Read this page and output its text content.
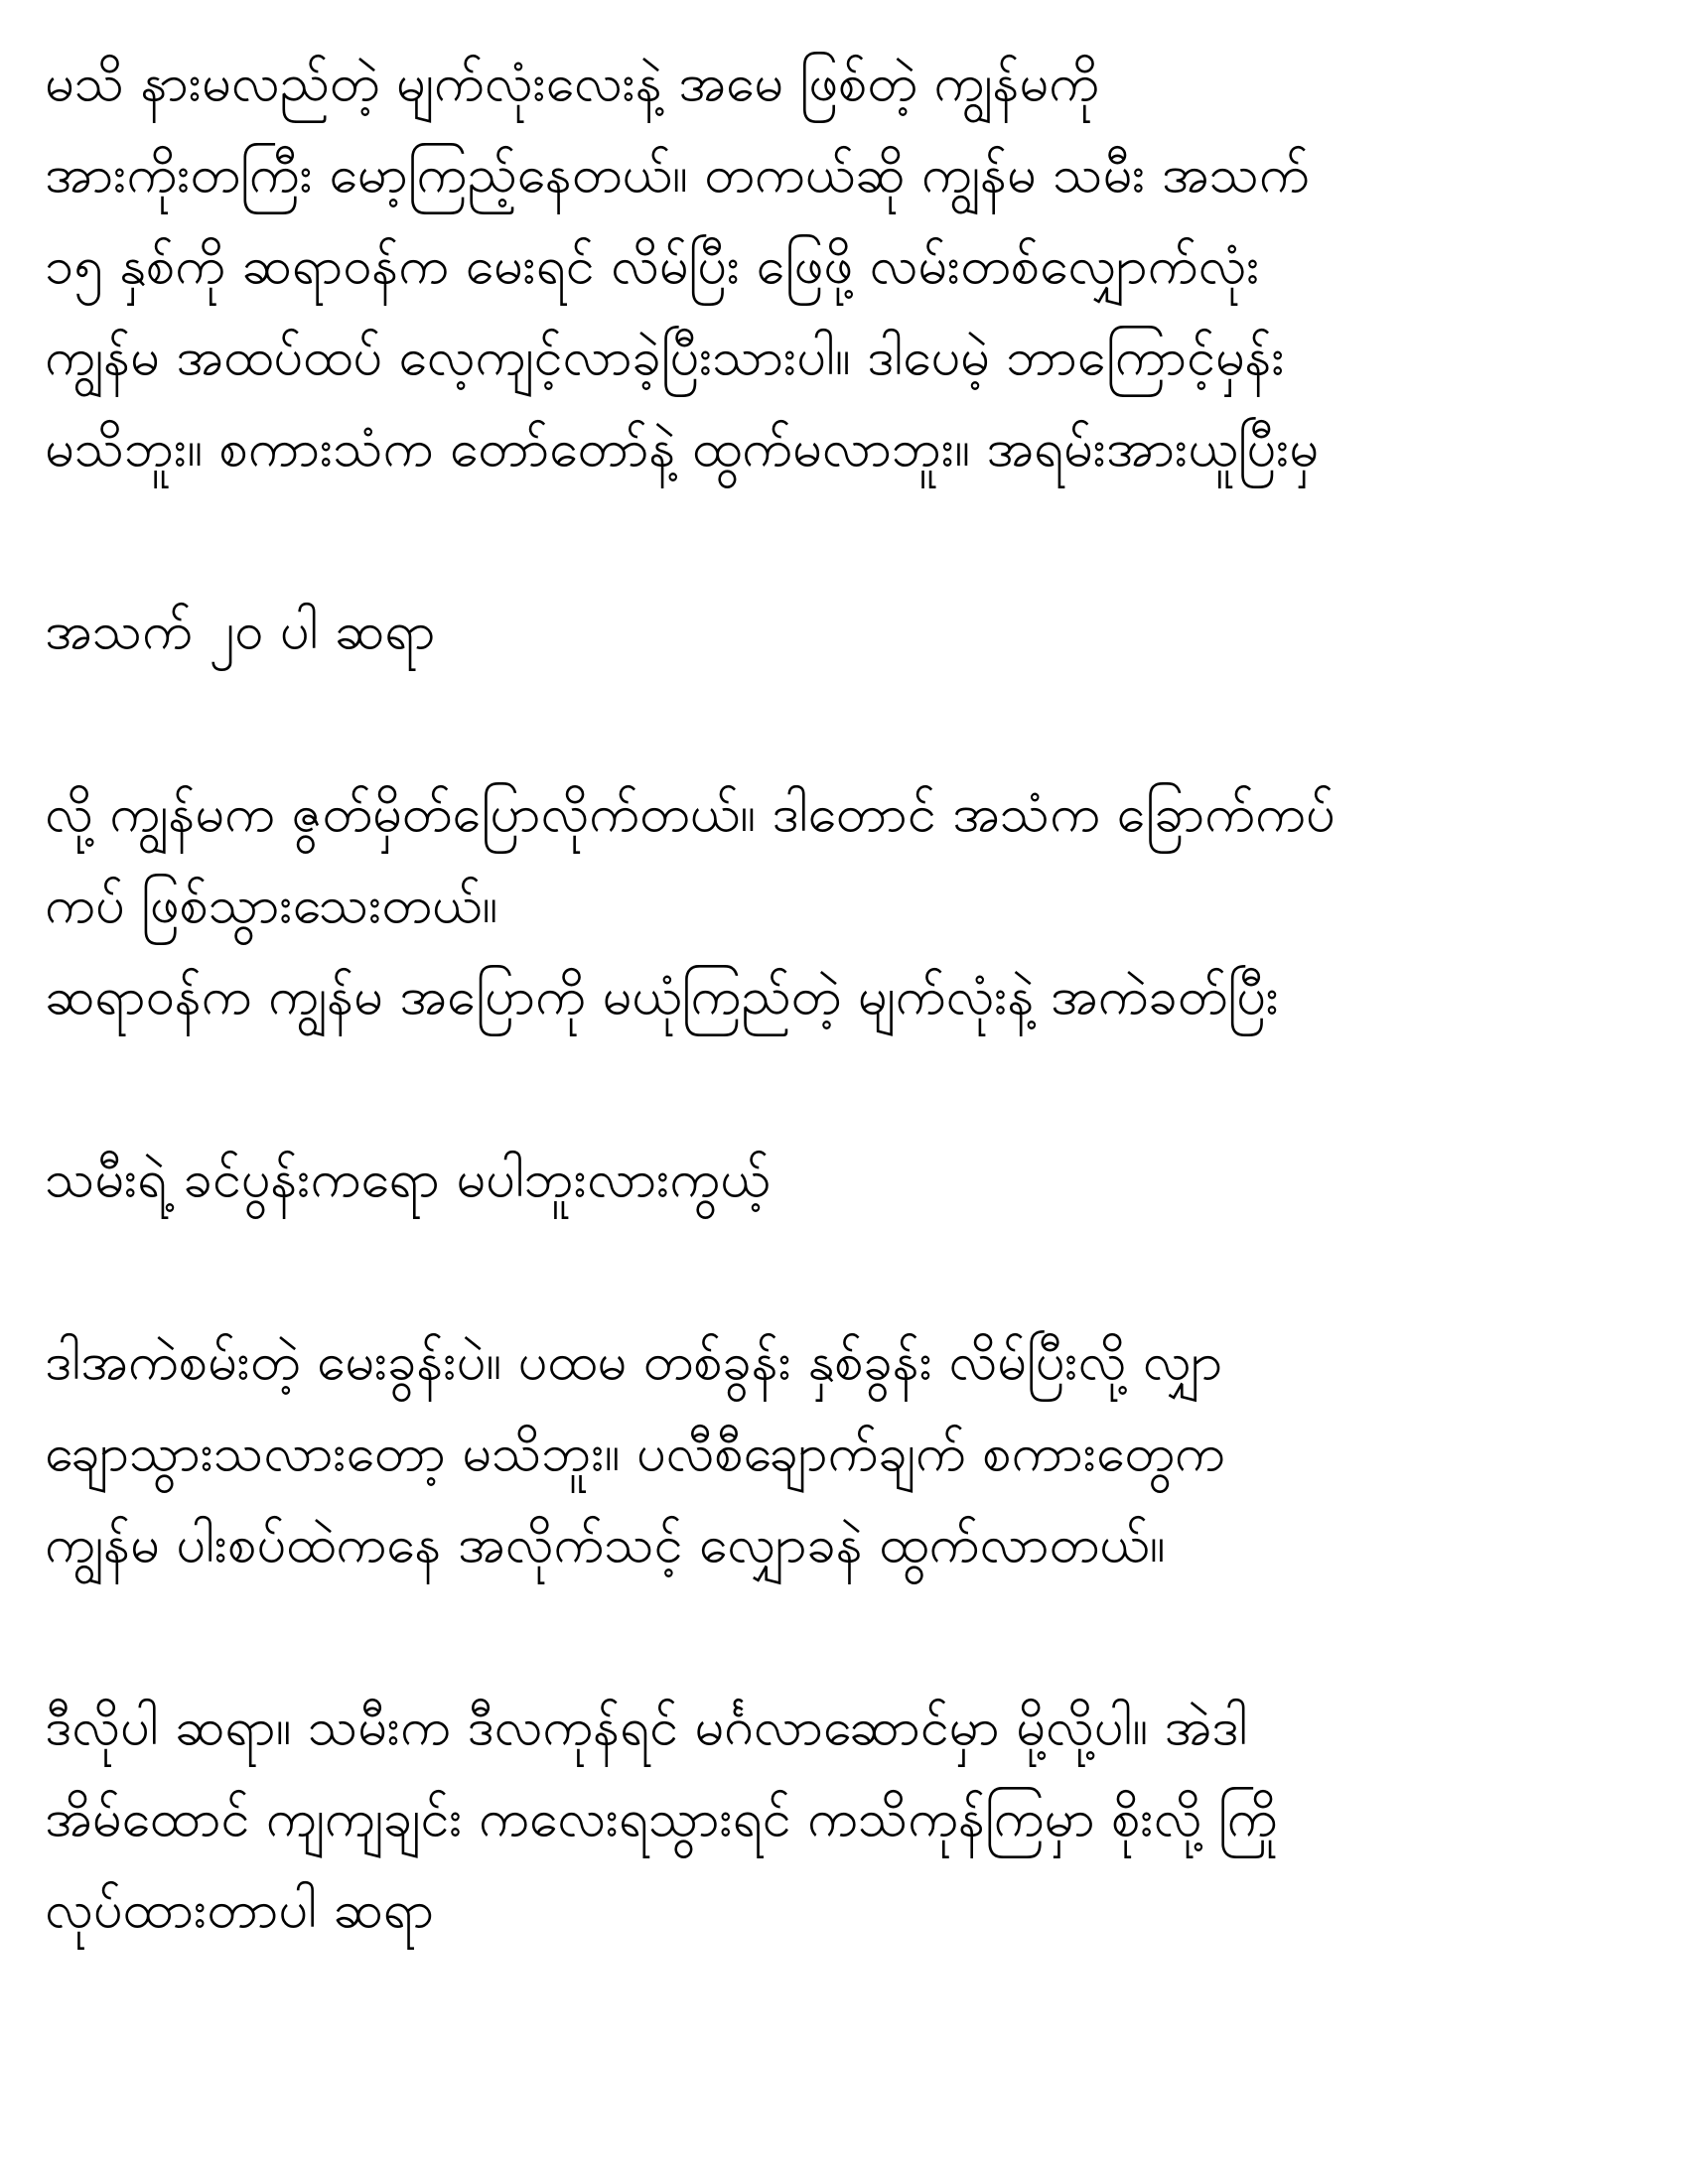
မသိ နားမလည်တဲ့ မျက်လုံးလေးနဲ့ အမေ ဖြစ်တဲ့ ကျွန်မကို
အားကိုးတကြီး မော့ကြည့်နေတယ်။ တကယ်ဆို ကျွန်မ သမီး အသက်
၁၅ နှစ်ကို ဆရာဝန်က မေးရင် လိမ်ပြီး ဖြေဖို့ လမ်းတစ်လျှောက်လုံး
ကျွန်မ အထပ်ထပ် လေ့ကျင့်လာခဲ့ပြီးသားပါ။ ဒါပေမဲ့ ဘာကြောင့်မှန်း
မသိဘူး။ စကားသံက တော်တော်နဲ့ ထွက်မလာဘူး။ အရမ်းအားယူပြီးမှ
အသက် ၂၀ ပါ ဆရာ
လို့ ကျွန်မက ဇွတ်မှိတ်ပြောလိုက်တယ်။ ဒါတောင် အသံက ခြောက်ကပ်
ကပ် ဖြစ်သွားသေးတယ်။
ဆရာဝန်က ကျွန်မ အပြောကို မယုံကြည်တဲ့ မျက်လုံးနဲ့ အကဲခတ်ပြီး
သမီးရဲ့ ခင်ပွန်းကရော မပါဘူးလားကွယ့်
ဒါအကဲစမ်းတဲ့ မေးခွန်းပဲ။ ပထမ တစ်ခွန်း နှစ်ခွန်း လိမ်ပြီးလို့ လျှာ
ချောသွားသလားတော့ မသိဘူး။ ပလီစီချောက်ချက် စကားတွေက
ကျွန်မ ပါးစပ်ထဲကနေ အလိုက်သင့် လျှောခနဲ ထွက်လာတယ်။
ဒီလိုပါ ဆရာ။ သမီးက ဒီလကုန်ရင် မင်္ဂလာဆောင်မှာ မို့လို့ပါ။ အဲဒါ
အိမ်ထောင် ကျကျချင်း ကလေးရသွားရင် ကသိကုန်ကြမှာ စိုးလို့ ကြို
လုပ်ထားတာပါ ဆရာ
